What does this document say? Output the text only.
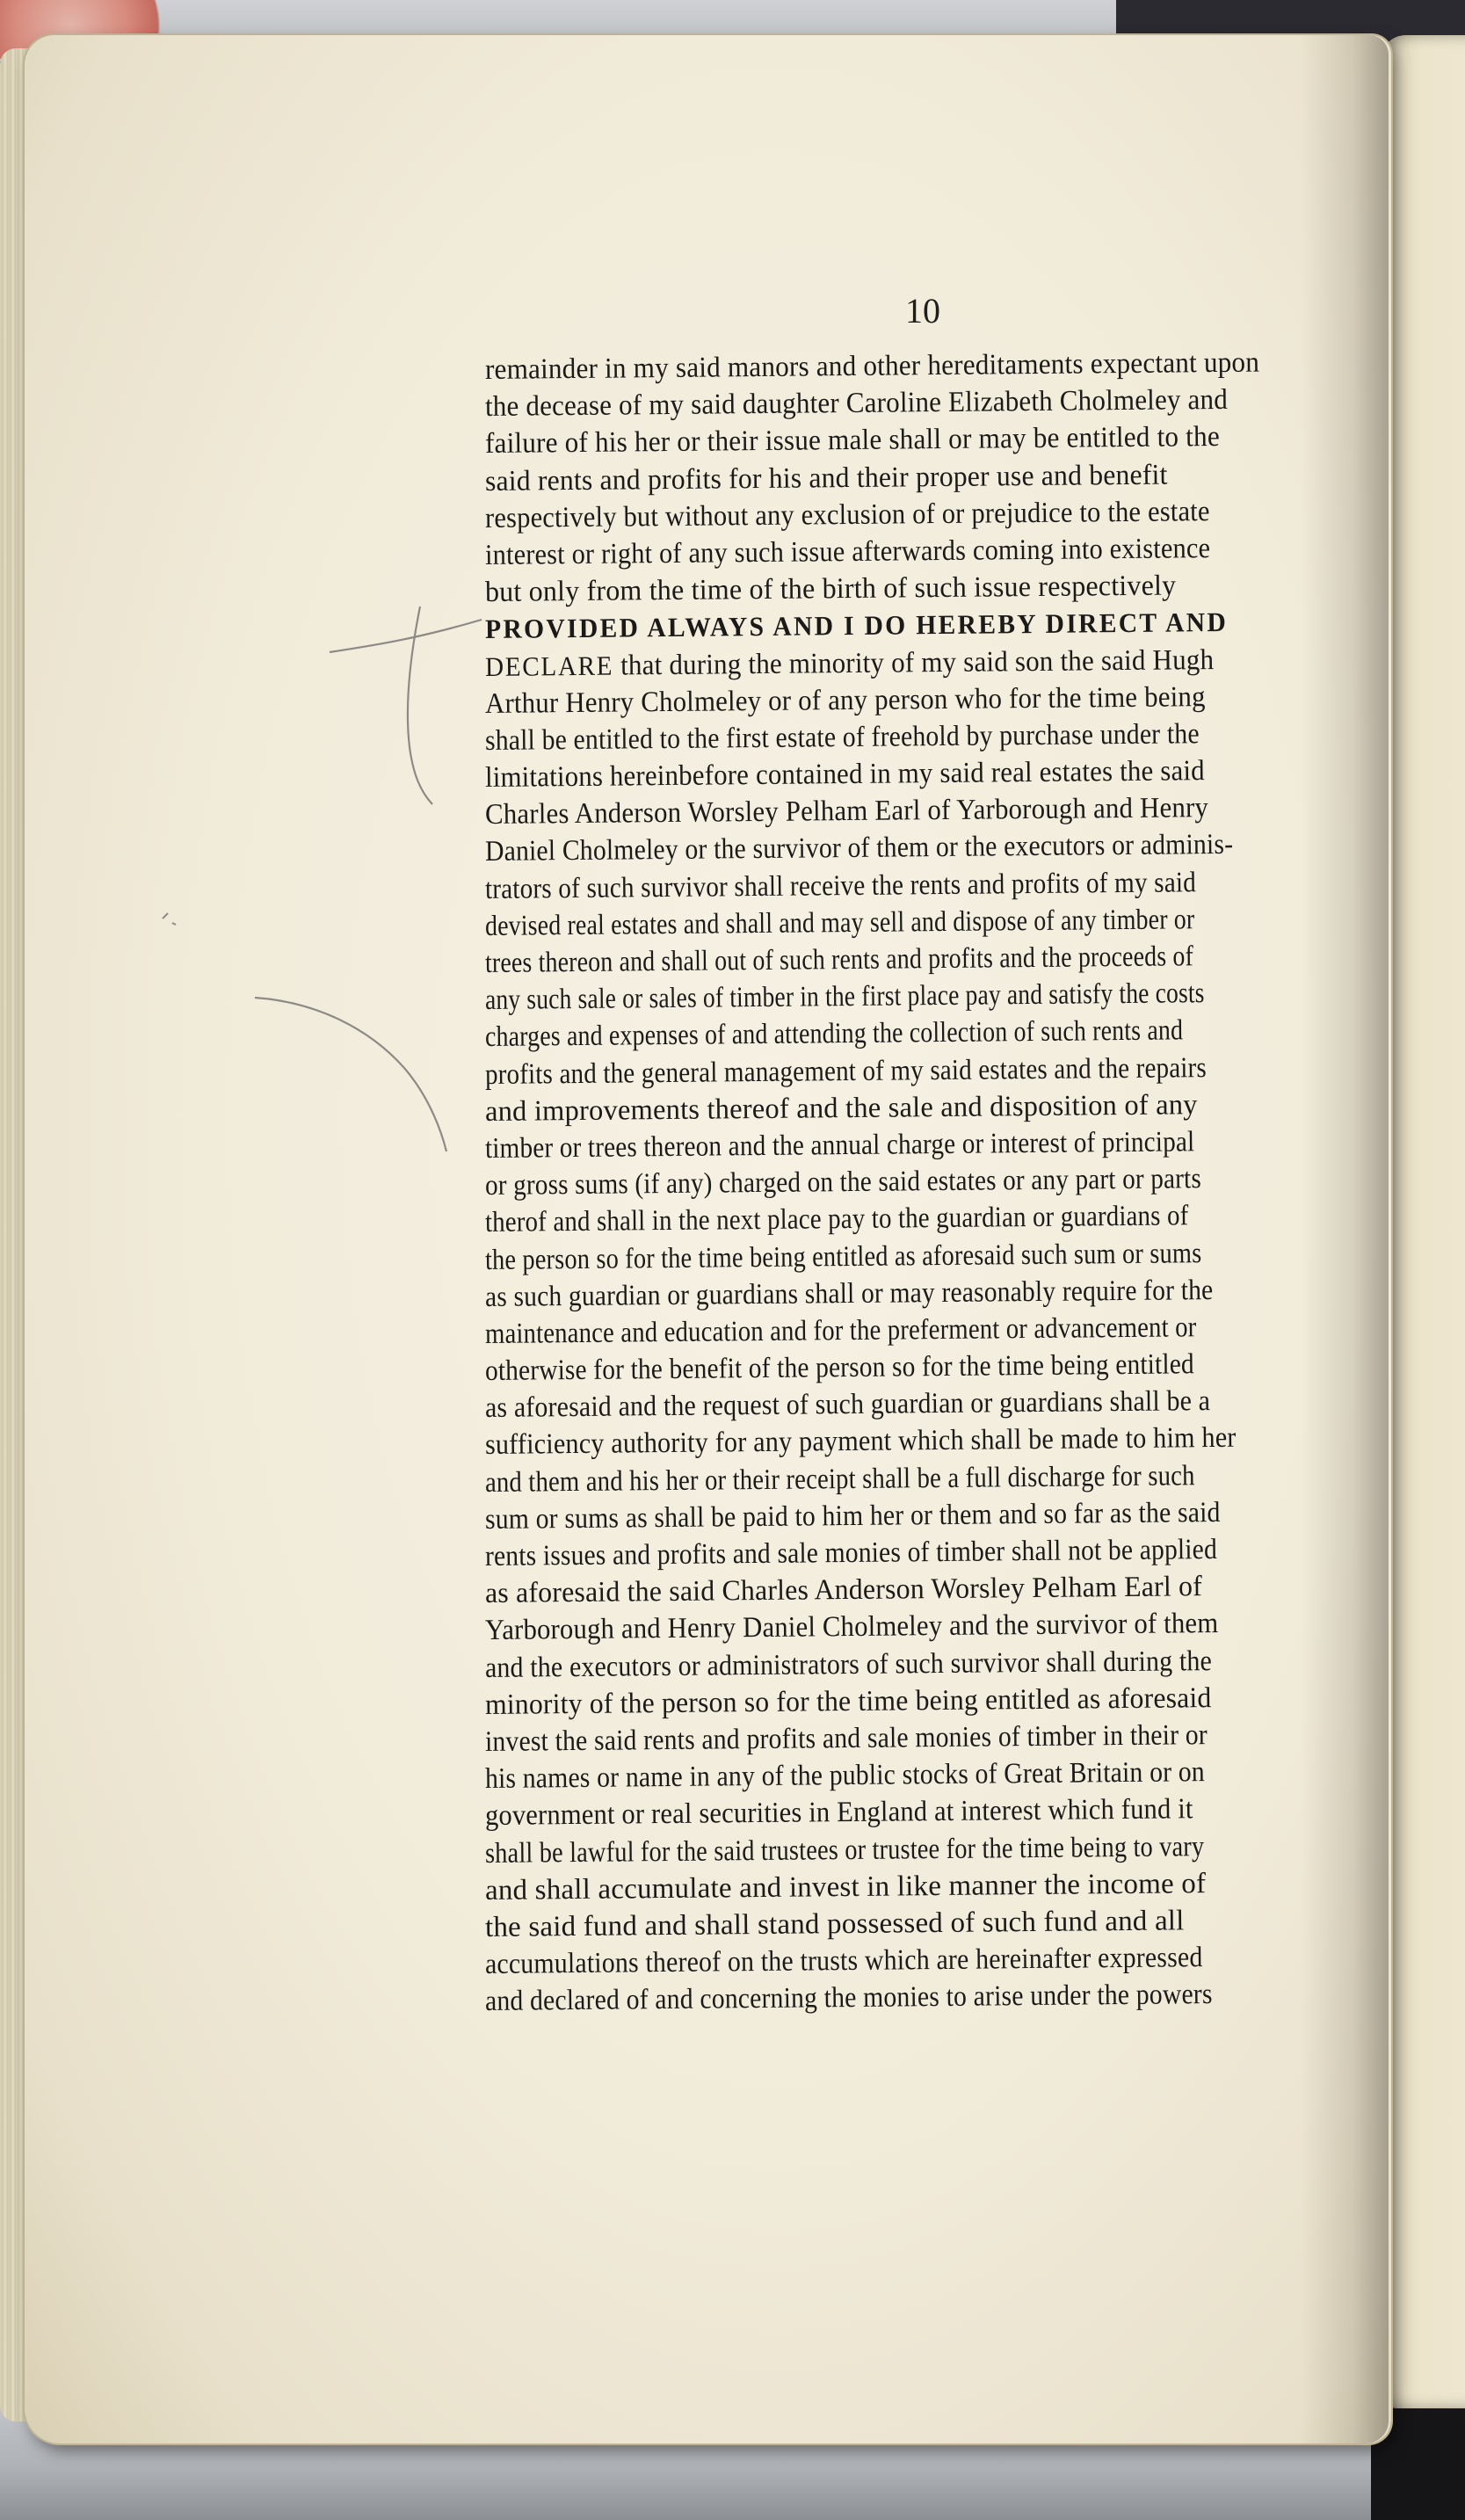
10
remainder in my said manors and other hereditaments expectant upon
the decease of my said daughter Caroline Elizabeth Cholmeley and
failure of his her or their issue male shall or may be entitled to the
said rents and profits for his and their proper use and benefit
respectively but without any exclusion of or prejudice to the estate
interest or right of any such issue afterwards coming into existence
but only from the time of the birth of such issue respectively
PROVIDED ALWAYS AND I DO HEREBY DIRECT AND
DECLARE that during the minority of my said son the said Hugh
Arthur Henry Cholmeley or of any person who for the time being
shall be entitled to the first estate of freehold by purchase under the
limitations hereinbefore contained in my said real estates the said
Charles Anderson Worsley Pelham Earl of Yarborough and Henry
Daniel Cholmeley or the survivor of them or the executors or adminis-
trators of such survivor shall receive the rents and profits of my said
devised real estates and shall and may sell and dispose of any timber or
trees thereon and shall out of such rents and profits and the proceeds of
any such sale or sales of timber in the first place pay and satisfy the costs
charges and expenses of and attending the collection of such rents and
profits and the general management of my said estates and the repairs
and improvements thereof and the sale and disposition of any
timber or trees thereon and the annual charge or interest of principal
or gross sums (if any) charged on the said estates or any part or parts
therof and shall in the next place pay to the guardian or guardians of
the person so for the time being entitled as aforesaid such sum or sums
as such guardian or guardians shall or may reasonably require for the
maintenance and education and for the preferment or advancement or
otherwise for the benefit of the person so for the time being entitled
as aforesaid and the request of such guardian or guardians shall be a
sufficiency authority for any payment which shall be made to him her
and them and his her or their receipt shall be a full discharge for such
sum or sums as shall be paid to him her or them and so far as the said
rents issues and profits and sale monies of timber shall not be applied
as aforesaid the said Charles Anderson Worsley Pelham Earl of
Yarborough and Henry Daniel Cholmeley and the survivor of them
and the executors or administrators of such survivor shall during the
minority of the person so for the time being entitled as aforesaid
invest the said rents and profits and sale monies of timber in their or
his names or name in any of the public stocks of Great Britain or on
government or real securities in England at interest which fund it
shall be lawful for the said trustees or trustee for the time being to vary
and shall accumulate and invest in like manner the income of
the said fund and shall stand possessed of such fund and all
accumulations thereof on the trusts which are hereinafter expressed
and declared of and concerning the monies to arise under the powers
